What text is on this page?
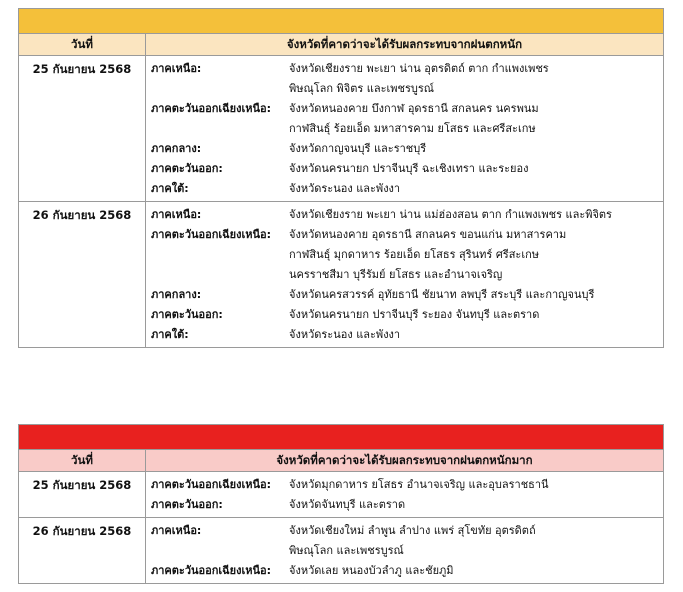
วันที่	จังหวัดที่คาดว่าจะได้รับผลกระทบจากฝนตกหนัก
25 กันยายน 2568	ภาคเหนือ:	จังหวัดเชียงราย พะเยา น่าน อุตรดิตถ์ ตาก กำแพงเพชร
พิษณุโลก พิจิตร และเพชรบูรณ์
ภาคตะวันออกเฉียงเหนือ:	จังหวัดหนองคาย บึงกาฬ อุดรธานี สกลนคร นครพนม
กาฬสินธุ์ ร้อยเอ็ด มหาสารคาม ยโสธร และศรีสะเกษ
ภาคกลาง:	จังหวัดกาญจนบุรี และราชบุรี
ภาคตะวันออก:	จังหวัดนครนายก ปราจีนบุรี ฉะเชิงเทรา และระยอง
ภาคใต้:	จังหวัดระนอง และพังงา
26 กันยายน 2568	ภาคเหนือ:	จังหวัดเชียงราย พะเยา น่าน แม่ฮ่องสอน ตาก กำแพงเพชร และพิจิตร
ภาคตะวันออกเฉียงเหนือ:	จังหวัดหนองคาย อุดรธานี สกลนคร ขอนแก่น มหาสารคาม
กาฬสินธุ์ มุกดาหาร ร้อยเอ็ด ยโสธร สุรินทร์ ศรีสะเกษ
นครราชสีมา บุรีรัมย์ ยโสธร และอำนาจเจริญ
ภาคกลาง:	จังหวัดนครสวรรค์ อุทัยธานี ชัยนาท ลพบุรี สระบุรี และกาญจนบุรี
ภาคตะวันออก:	จังหวัดนครนายก ปราจีนบุรี ระยอง จันทบุรี และตราด
ภาคใต้:	จังหวัดระนอง และพังงา
วันที่	จังหวัดที่คาดว่าจะได้รับผลกระทบจากฝนตกหนักมาก
25 กันยายน 2568	ภาคตะวันออกเฉียงเหนือ:	จังหวัดมุกดาหาร ยโสธร อำนาจเจริญ และอุบลราชธานี
ภาคตะวันออก:	จังหวัดจันทบุรี และตราด
26 กันยายน 2568	ภาคเหนือ:	จังหวัดเชียงใหม่ ลำพูน ลำปาง แพร่ สุโขทัย อุตรดิตถ์
พิษณุโลก และเพชรบูรณ์
ภาคตะวันออกเฉียงเหนือ:	จังหวัดเลย หนองบัวลำภู และชัยภูมิ
